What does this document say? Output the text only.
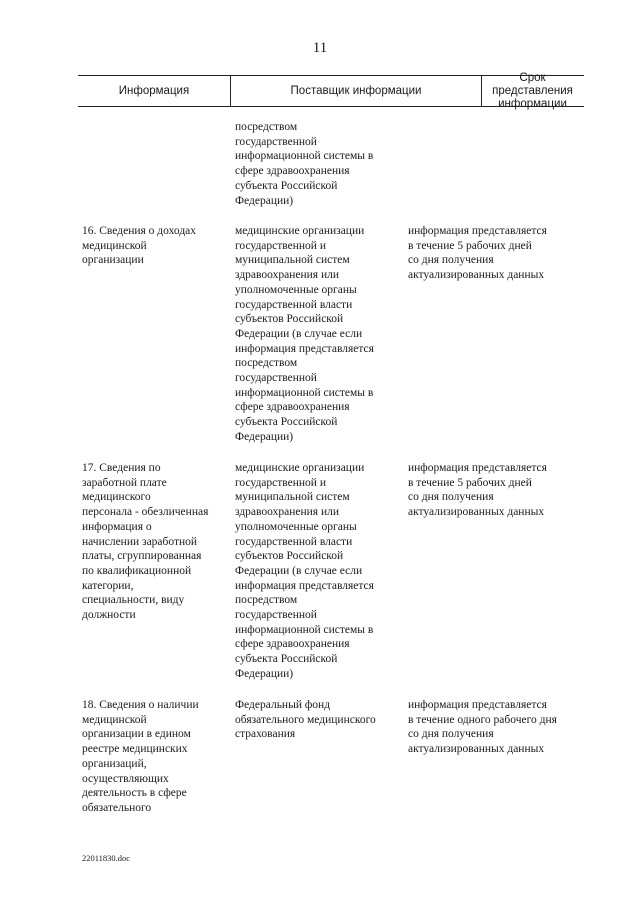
11
Информация	Поставщик информации
Срок представления
информации
посредством
государственной
информационной системы в
сфере здравоохранения
субъекта Российской
Федерации)
16. Сведения о доходах
медицинской
организации
медицинские организации
государственной и
муниципальной систем
здравоохранения или
уполномоченные органы
государственной власти
субъектов Российской
Федерации (в случае если
информация представляется
посредством
государственной
информационной системы в
сфере здравоохранения
субъекта Российской
Федерации)
информация представляется
в течение 5 рабочих дней
со дня получения
актуализированных данных
17. Сведения по
заработной плате
медицинского
персонала - обезличенная
информация о
начислении заработной
платы, сгруппированная
по квалификационной
категории,
специальности, виду
должности
медицинские организации
государственной и
муниципальной систем
здравоохранения или
уполномоченные органы
государственной власти
субъектов Российской
Федерации (в случае если
информация представляется
посредством
государственной
информационной системы в
сфере здравоохранения
субъекта Российской
Федерации)
информация представляется
в течение 5 рабочих дней
со дня получения
актуализированных данных
18. Сведения о наличии
медицинской
организации в едином
реестре медицинских
организаций,
осуществляющих
деятельность в сфере
обязательного
Федеральный фонд
обязательного медицинского
страхования
информация представляется
в течение одного рабочего дня
со дня получения
актуализированных данных
22011830.doc
